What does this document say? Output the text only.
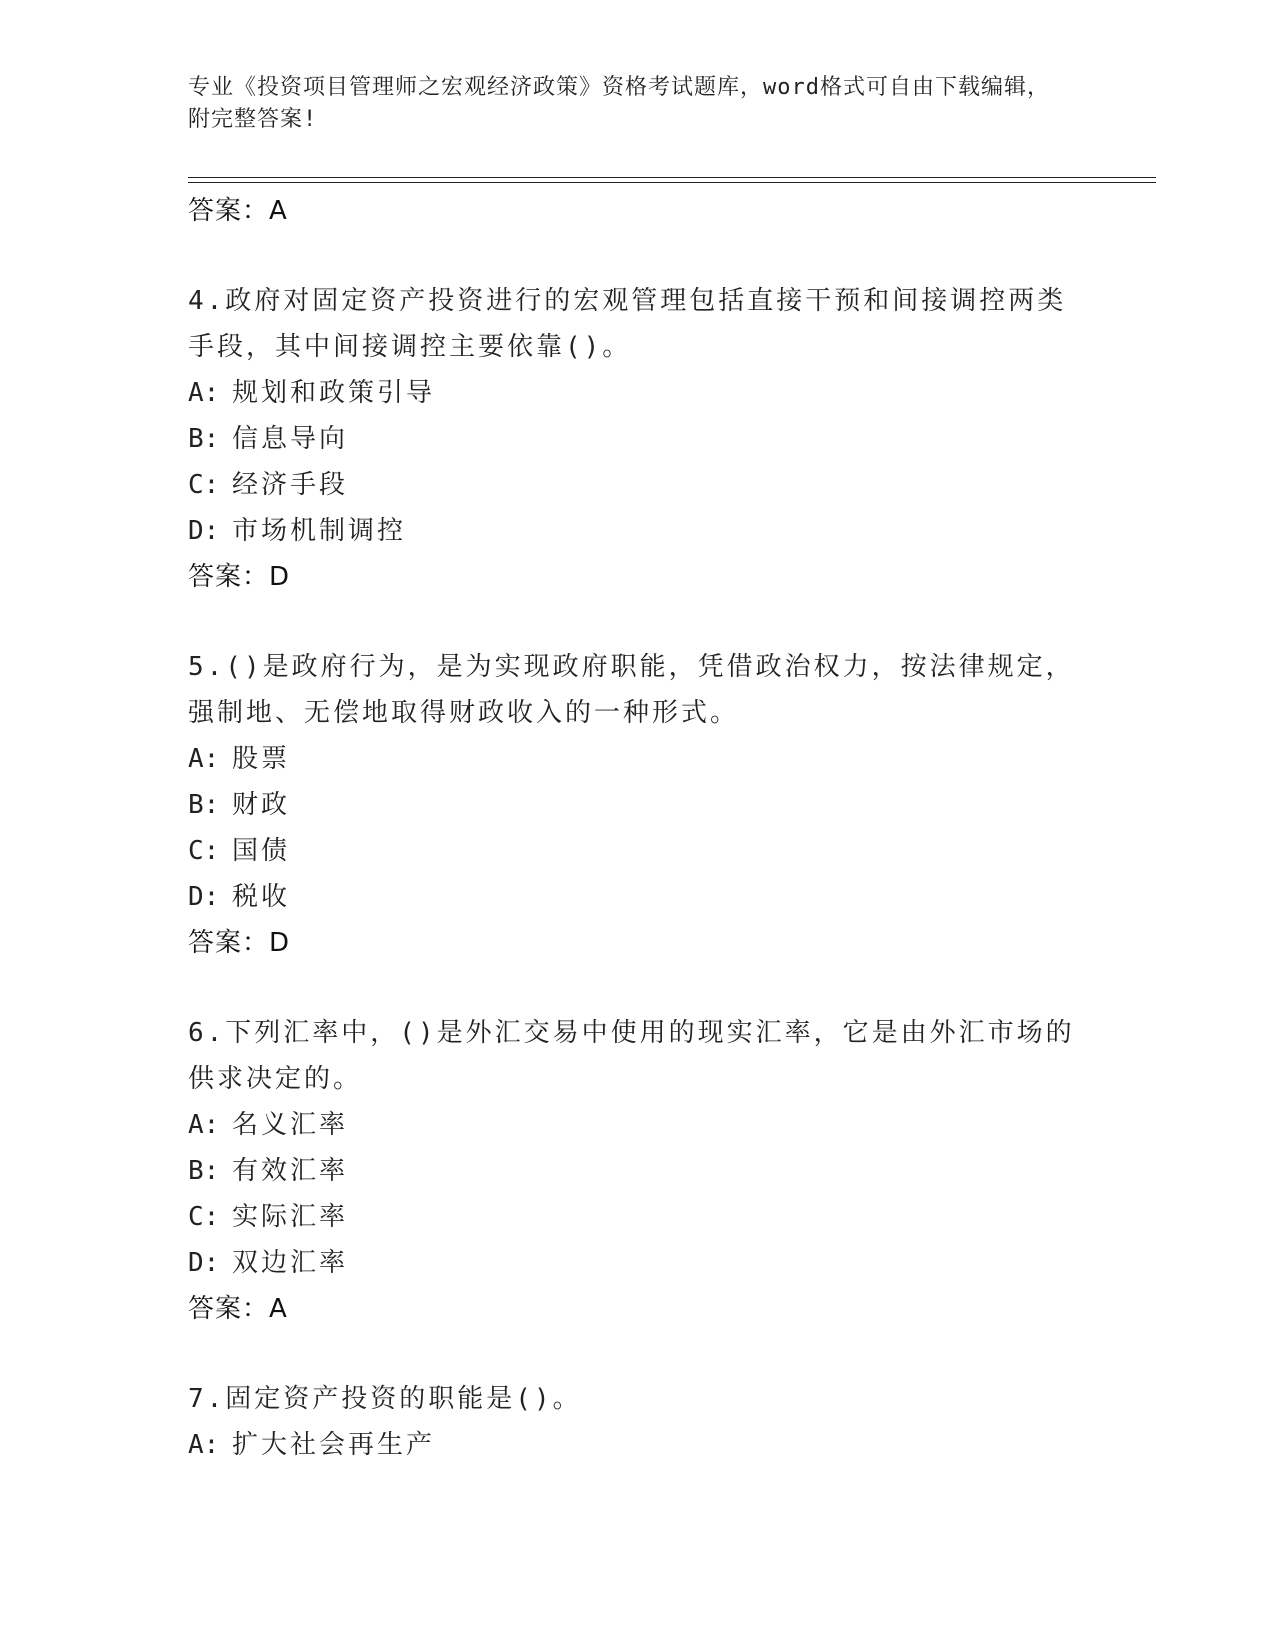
专业《投资项目管理师之宏观经济政策》资格考试题库，word格式可自由下载编辑，附完整答案!
答案：A
4.政府对固定资产投资进行的宏观管理包括直接干预和间接调控两类手段，其中间接调控主要依靠()。
A: 规划和政策引导
B: 信息导向
C: 经济手段
D: 市场机制调控
答案：D
5.()是政府行为，是为实现政府职能，凭借政治权力，按法律规定，强制地、无偿地取得财政收入的一种形式。
A: 股票
B: 财政
C: 国债
D: 税收
答案：D
6.下列汇率中，()是外汇交易中使用的现实汇率，它是由外汇市场的供求决定的。
A: 名义汇率
B: 有效汇率
C: 实际汇率
D: 双边汇率
答案：A
7.固定资产投资的职能是()。
A: 扩大社会再生产
